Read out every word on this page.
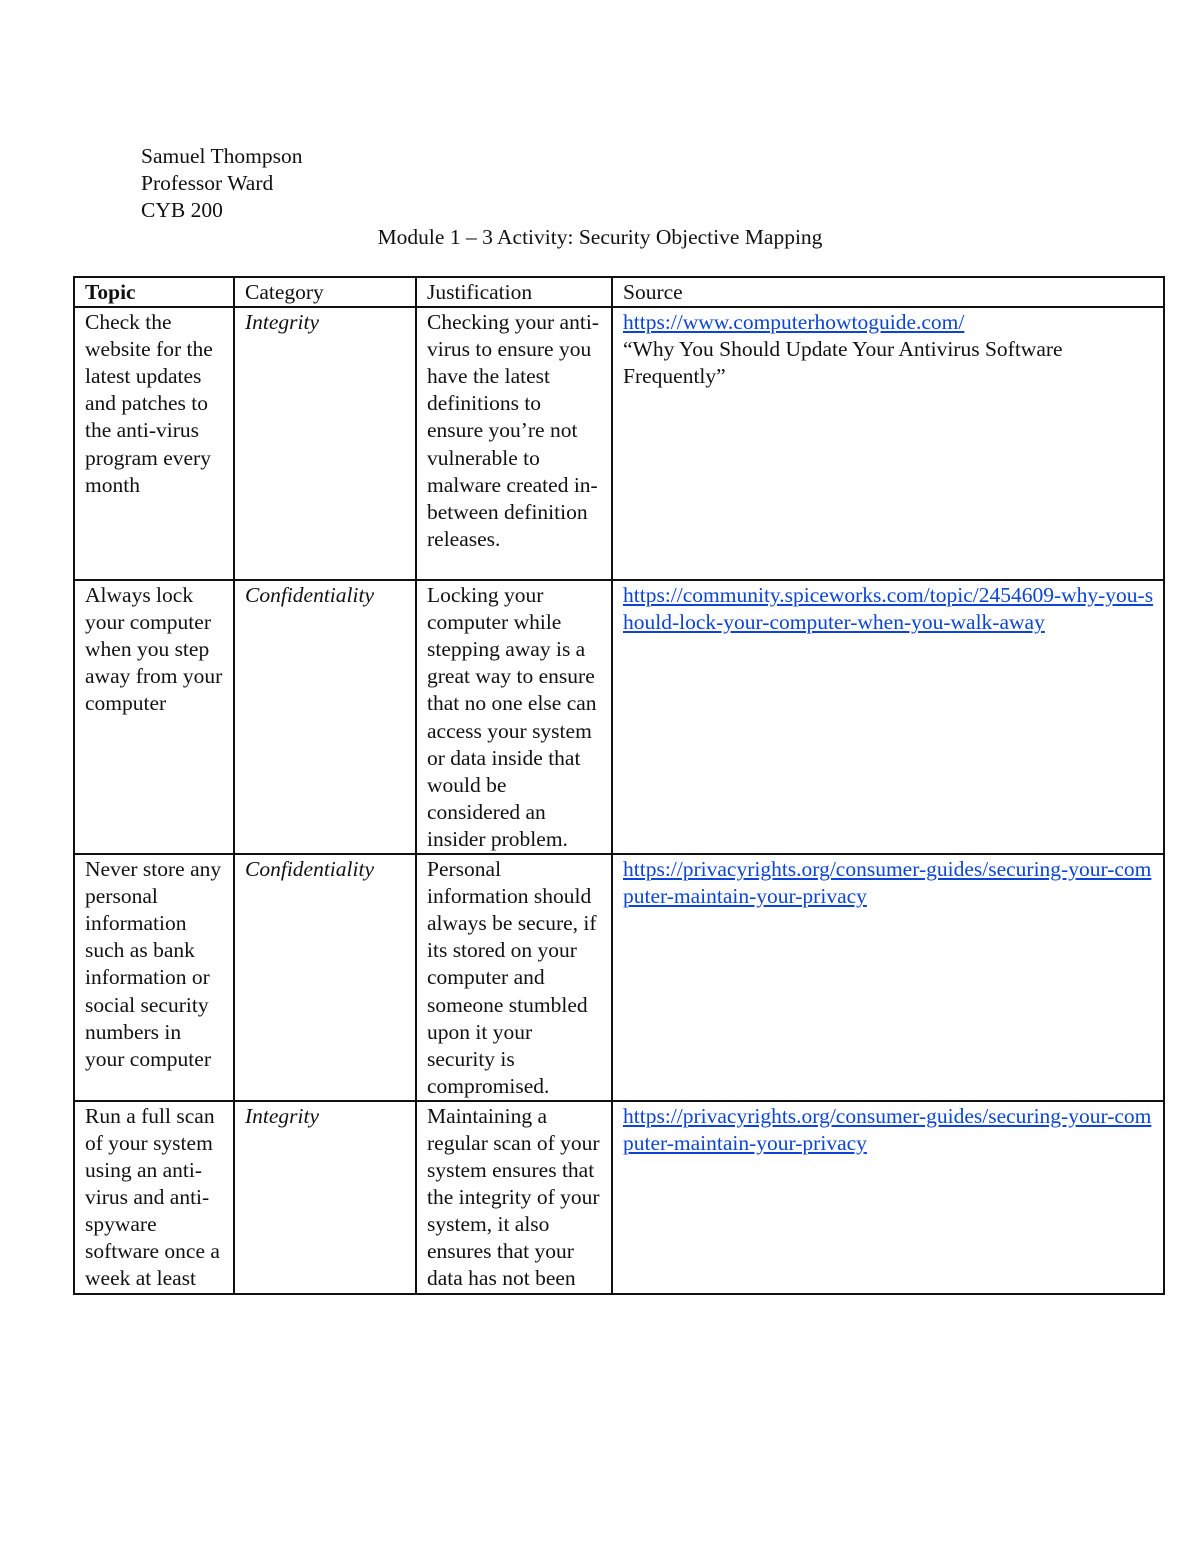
Samuel Thompson
Professor Ward
CYB 200
Module 1 – 3 Activity: Security Objective Mapping
Topic	Category	Justification	Source
Check the website for the latest updates and patches to the anti-virus program every month	Integrity	Checking your anti-virus to ensure you have the latest definitions to ensure you’re not vulnerable to malware created in-between definition releases.	https://www.computerhowtoguide.com/
“Why You Should Update Your Antivirus Software Frequently”
Always lock your computer when you step away from your computer	Confidentiality	Locking your computer while stepping away is a great way to ensure that no one else can access your system or data inside that would be considered an insider problem.	https://community.spiceworks.com/topic/2454609-why-you-should-lock-your-computer-when-you-walk-away
Never store any personal information such as bank information or social security numbers in your computer	Confidentiality	Personal information should always be secure, if its stored on your computer and someone stumbled upon it your security is compromised.	https://privacyrights.org/consumer-guides/securing-your-computer-maintain-your-privacy
Run a full scan of your system using an anti-virus and anti-spyware software once a week at least	Integrity	Maintaining a regular scan of your system ensures that the integrity of your system, it also ensures that your data has not been	https://privacyrights.org/consumer-guides/securing-your-computer-maintain-your-privacy
